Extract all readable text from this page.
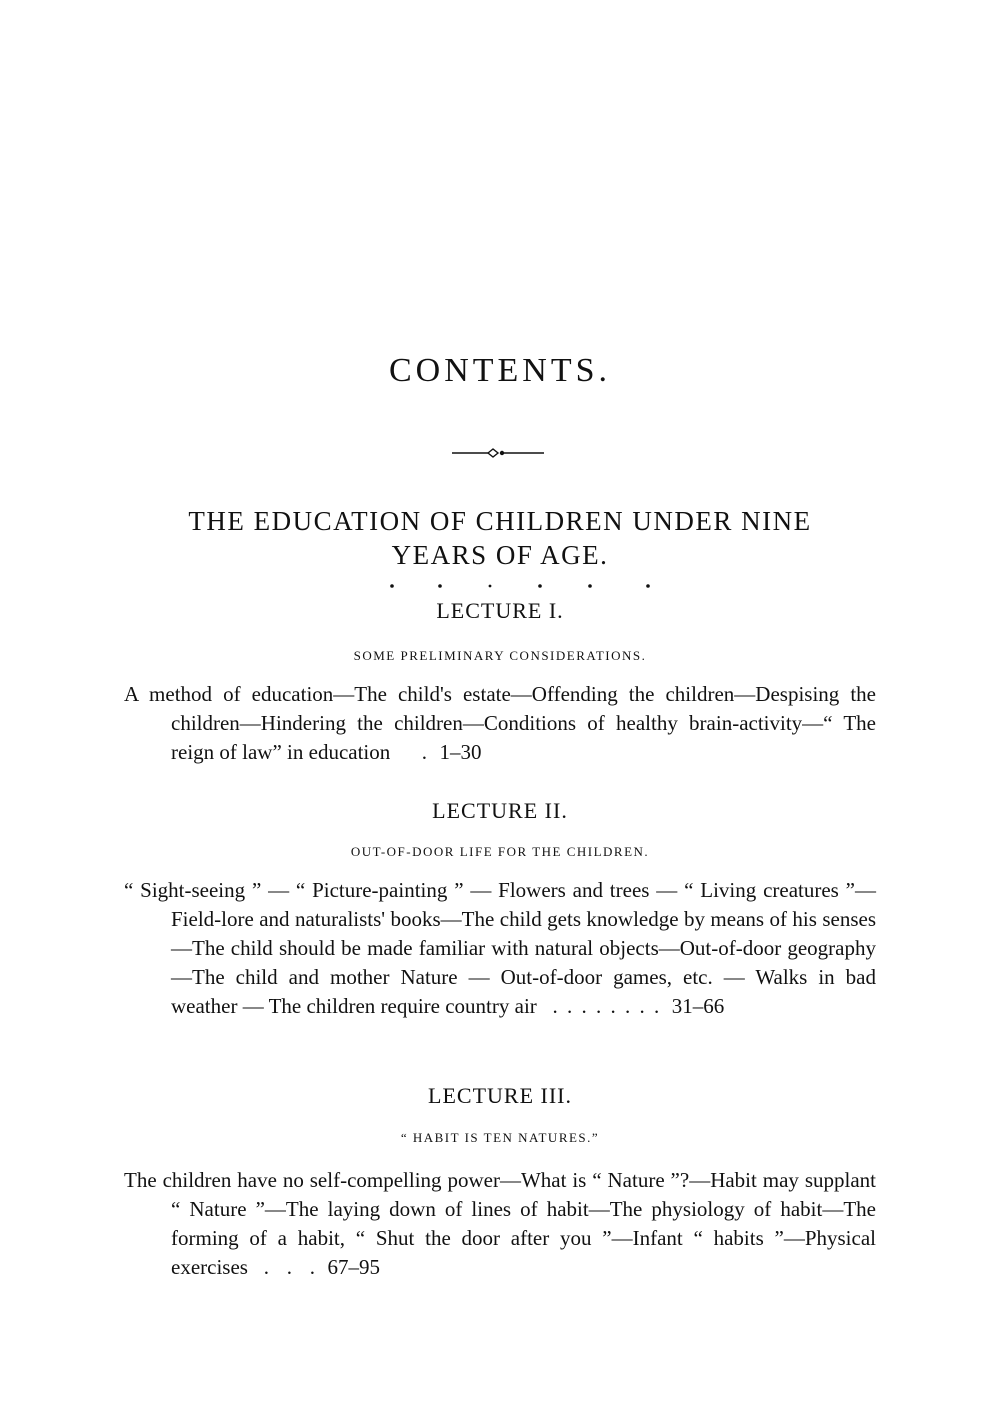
CONTENTS.
THE EDUCATION OF CHILDREN UNDER NINE
YEARS OF AGE.
LECTURE I.
SOME PRELIMINARY CONSIDERATIONS.
A method of education—The child's estate—Offending the children—Despising the children—Hindering the children—Conditions of healthy brain-activity—“ The reign of law” in education . 1–30
LECTURE II.
OUT-OF-DOOR LIFE FOR THE CHILDREN.
“ Sight-seeing ” — “ Picture-painting ” — Flowers and trees — “ Living creatures ”—Field-lore and naturalists' books—The child gets knowledge by means of his senses—The child should be made familiar with natural objects—Out-of-door geography—The child and mother Nature — Out-of-door games, etc. — Walks in bad weather — The children require country air . . . . . . . . 31–66
LECTURE III.
“ HABIT IS TEN NATURES.”
The children have no self-compelling power—What is “ Nature ”?—Habit may supplant “ Nature ”—The laying down of lines of habit—The physiology of habit—The forming of a habit, “ Shut the door after you ”—Infant “ habits ”—Physical exercises . . . 67–95
